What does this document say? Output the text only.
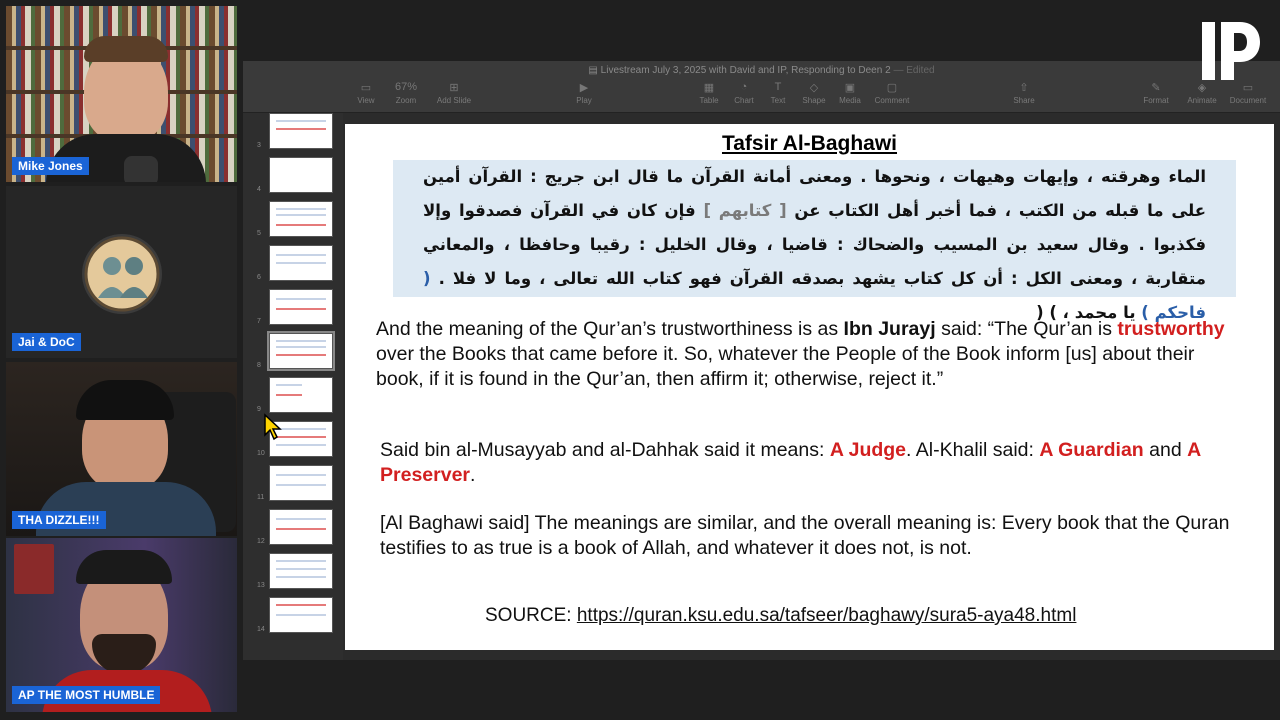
Mike Jones
Jai & DoC
THA DIZZLE!!!
AP THE MOST HUMBLE
▤ Livestream July 3, 2025 with David and IP, Responding to Deen 2 — Edited
▭
View
67%
Zoom
⊞
Add Slide
▶
Play
▦
Table
◔
Chart
T
Text
◇
Shape
▣
Media
▢
Comment
⇧
Share
✎
Format
◈
Animate
▭
Document
3
4
5
6
7
8
9
10
11
12
13
14
Tafsir Al-Baghawi
الماء وهرقته ، وإيهات وهيهات ، ونحوها . ومعنى أمانة القرآن ما قال ابن جريج : القرآن أمين على ما قبله من الكتب ، فما أخبر أهل الكتاب عن [ كتابهم ] فإن كان في القرآن فصدقوا وإلا فكذبوا . وقال سعيد بن المسيب والضحاك : قاضيا ، وقال الخليل : رقيبا وحافظا ، والمعاني متقاربة ، ومعنى الكل : أن كل كتاب يشهد بصدقه القرآن فهو كتاب الله تعالى ، وما لا فلا . ( فاحكم ) يا محمد ، ) (

And the meaning of the Qur’an’s trustworthiness is as Ibn Jurayj said: “The Qur’an is trustworthy over the Books that came before it. So, whatever the People of the Book inform [us] about their book, if it is found in the Qur’an, then affirm it; otherwise, reject it.”

Said bin al-Musayyab and al-Dahhak said it means: A Judge. Al-Khalil said: A Guardian and A Preserver.

[Al Baghawi said] The meanings are similar, and the overall meaning is: Every book that the Quran testifies to as true is a book of Allah, and whatever it does not, is not.

SOURCE: https://quran.ksu.edu.sa/tafseer/baghawy/sura5-aya48.html
